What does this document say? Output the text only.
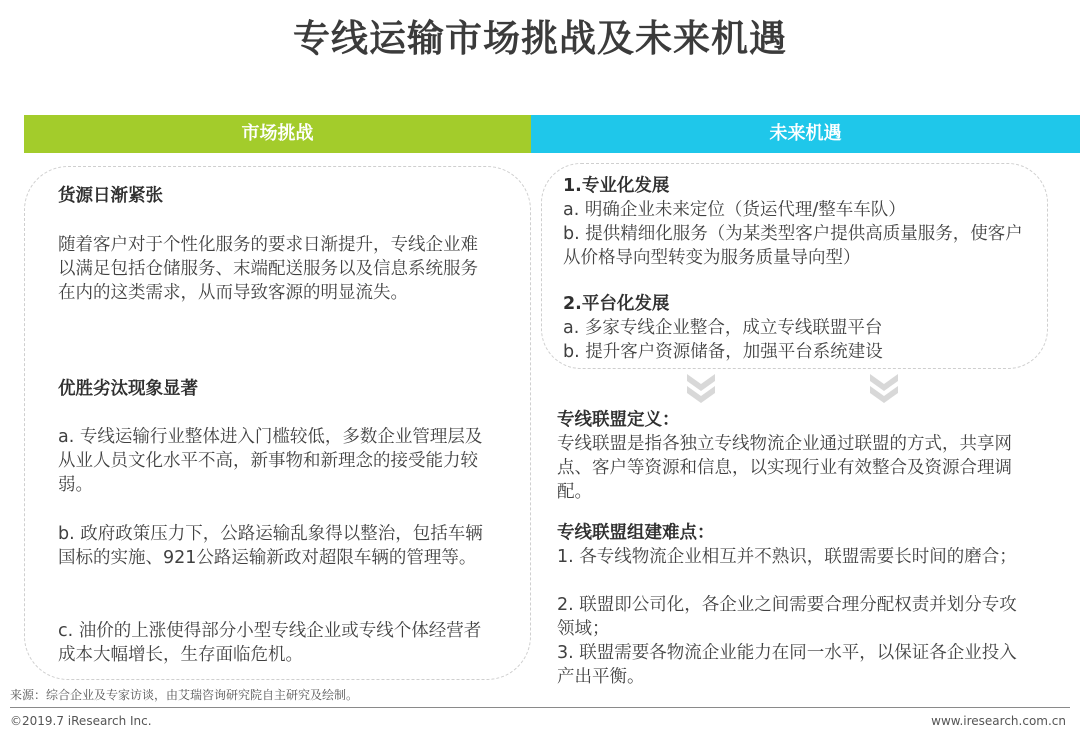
专线运输市场挑战及未来机遇
市场挑战	未来机遇
货源日渐紧张
随着客户对于个性化服务的要求日渐提升，专线企业难以满足包括仓储服务、末端配送服务以及信息系统服务在内的这类需求，从而导致客源的明显流失。
优胜劣汰现象显著
a. 专线运输行业整体进入门槛较低，多数企业管理层及从业人员文化水平不高，新事物和新理念的接受能力较弱。
b. 政府政策压力下，公路运输乱象得以整治，包括车辆国标的实施、921公路运输新政对超限车辆的管理等。
c. 油价的上涨使得部分小型专线企业或专线个体经营者成本大幅增长，生存面临危机。
1.专业化发展
a. 明确企业未来定位（货运代理/整车车队）
b. 提供精细化服务（为某类型客户提供高质量服务，使客户从价格导向型转变为服务质量导向型）
2.平台化发展
a. 多家专线企业整合，成立专线联盟平台
b. 提升客户资源储备，加强平台系统建设
专线联盟定义：
专线联盟是指各独立专线物流企业通过联盟的方式，共享网点、客户等资源和信息，以实现行业有效整合及资源合理调配。
专线联盟组建难点：
1. 各专线物流企业相互并不熟识，联盟需要长时间的磨合；
2. 联盟即公司化，各企业之间需要合理分配权责并划分专攻领域；
3. 联盟需要各物流企业能力在同一水平，以保证各企业投入产出平衡。
来源：综合企业及专家访谈，由艾瑞咨询研究院自主研究及绘制。
©2019.7 iResearch Inc.	www.iresearch.com.cn
